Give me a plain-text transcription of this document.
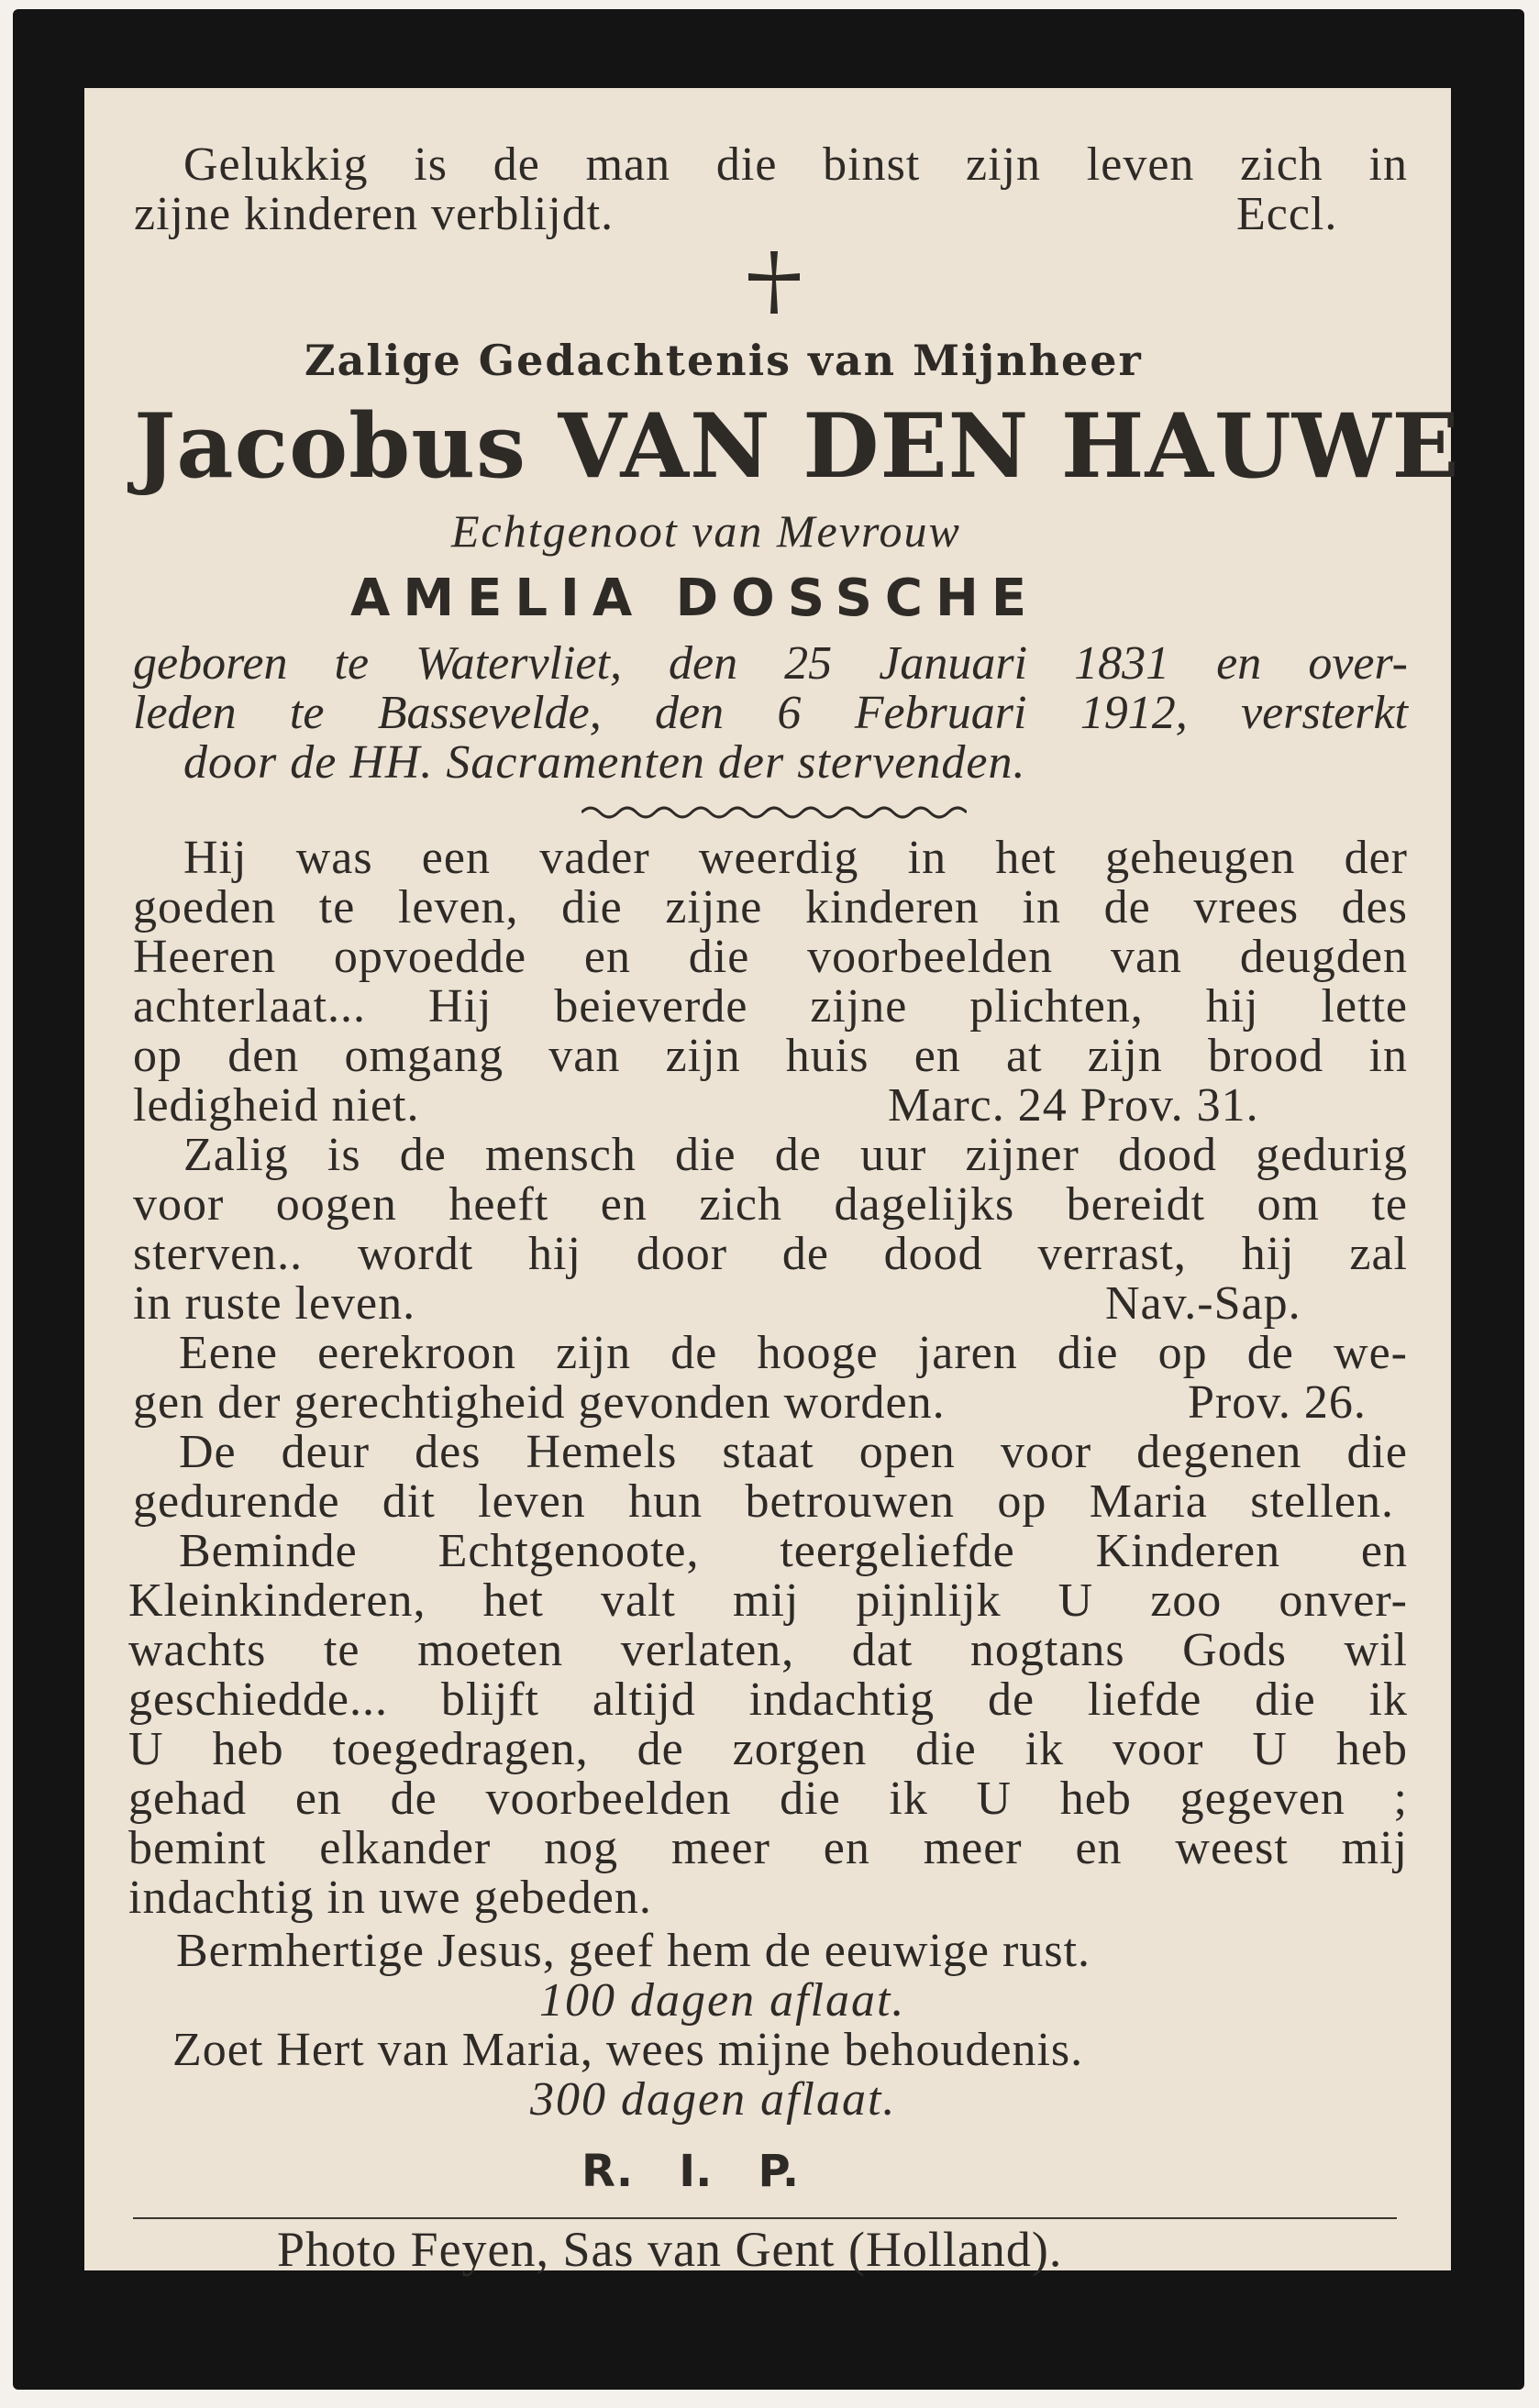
Gelukkig is de man die binst zijn leven zich in
zijne kinderen verblijdt.	Eccl.
Zalige Gedachtenis van Mijnheer
Jacobus VAN DEN HAUWE
Echtgenoot van Mevrouw
AMELIA DOSSCHE
geboren te Watervliet, den 25 Januari 1831 en over-
leden te Bassevelde, den 6 Februari 1912, versterkt
door de HH. Sacramenten der stervenden.
Hij was een vader weerdig in het geheugen der
goeden te leven, die zijne kinderen in de vrees des
Heeren opvoedde en die voorbeelden van deugden
achterlaat... Hij beieverde zijne plichten, hij lette
op den omgang van zijn huis en at zijn brood in
ledigheid niet.	Marc. 24 Prov. 31.
Zalig is de mensch die de uur zijner dood gedurig
voor oogen heeft en zich dagelijks bereidt om te
sterven.. wordt hij door de dood verrast, hij zal
in ruste leven.	Nav.-Sap.
Eene eerekroon zijn de hooge jaren die op de we-
gen der gerechtigheid gevonden worden.	Prov. 26.
De deur des Hemels staat open voor degenen die
gedurende dit leven hun betrouwen op Maria stellen.
Beminde Echtgenoote, teergeliefde Kinderen en
Kleinkinderen, het valt mij pijnlijk U zoo onver-
wachts te moeten verlaten, dat nogtans Gods wil
geschiedde... blijft altijd indachtig de liefde die ik
U heb toegedragen, de zorgen die ik voor U heb
gehad en de voorbeelden die ik U heb gegeven ;
bemint elkander nog meer en meer en weest mij
indachtig in uwe gebeden.
Bermhertige Jesus, geef hem de eeuwige rust.
100 dagen aflaat.
Zoet Hert van Maria, wees mijne behoudenis.
300 dagen aflaat.
R.   I.   P.
Photo Feyen, Sas van Gent (Holland).
